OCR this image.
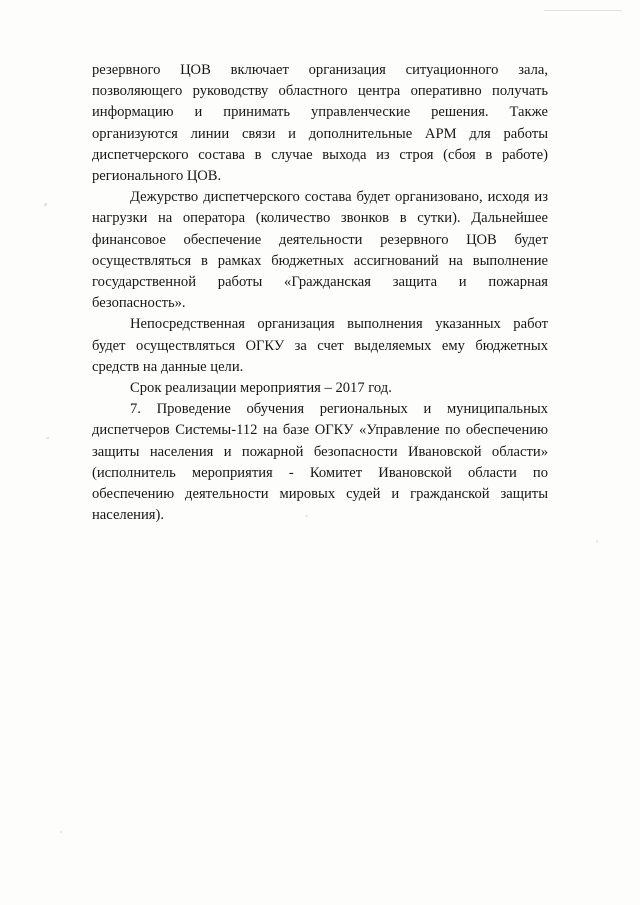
резервного ЦОВ включает организация ситуационного зала, позволяющего руководству областного центра оперативно получать информацию и принимать управленческие решения. Также организуются линии связи и дополнительные АРМ для работы диспетчерского состава в случае выхода из строя (сбоя в работе) регионального ЦОВ.

Дежурство диспетчерского состава будет организовано, исходя из нагрузки на оператора (количество звонков в сутки). Дальнейшее финансовое обеспечение деятельности резервного ЦОВ будет осуществляться в рамках бюджетных ассигнований на выполнение государственной работы «Гражданская защита и пожарная безопасность».

Непосредственная организация выполнения указанных работ будет осуществляться ОГКУ за счет выделяемых ему бюджетных средств на данные цели.

Срок реализации мероприятия – 2017 год.

7. Проведение обучения региональных и муниципальных диспетчеров Системы-112 на базе ОГКУ «Управление по обеспечению защиты населения и пожарной безопасности Ивановской области» (исполнитель мероприятия - Комитет Ивановской области по обеспечению деятельности мировых судей и гражданской защиты населения).
